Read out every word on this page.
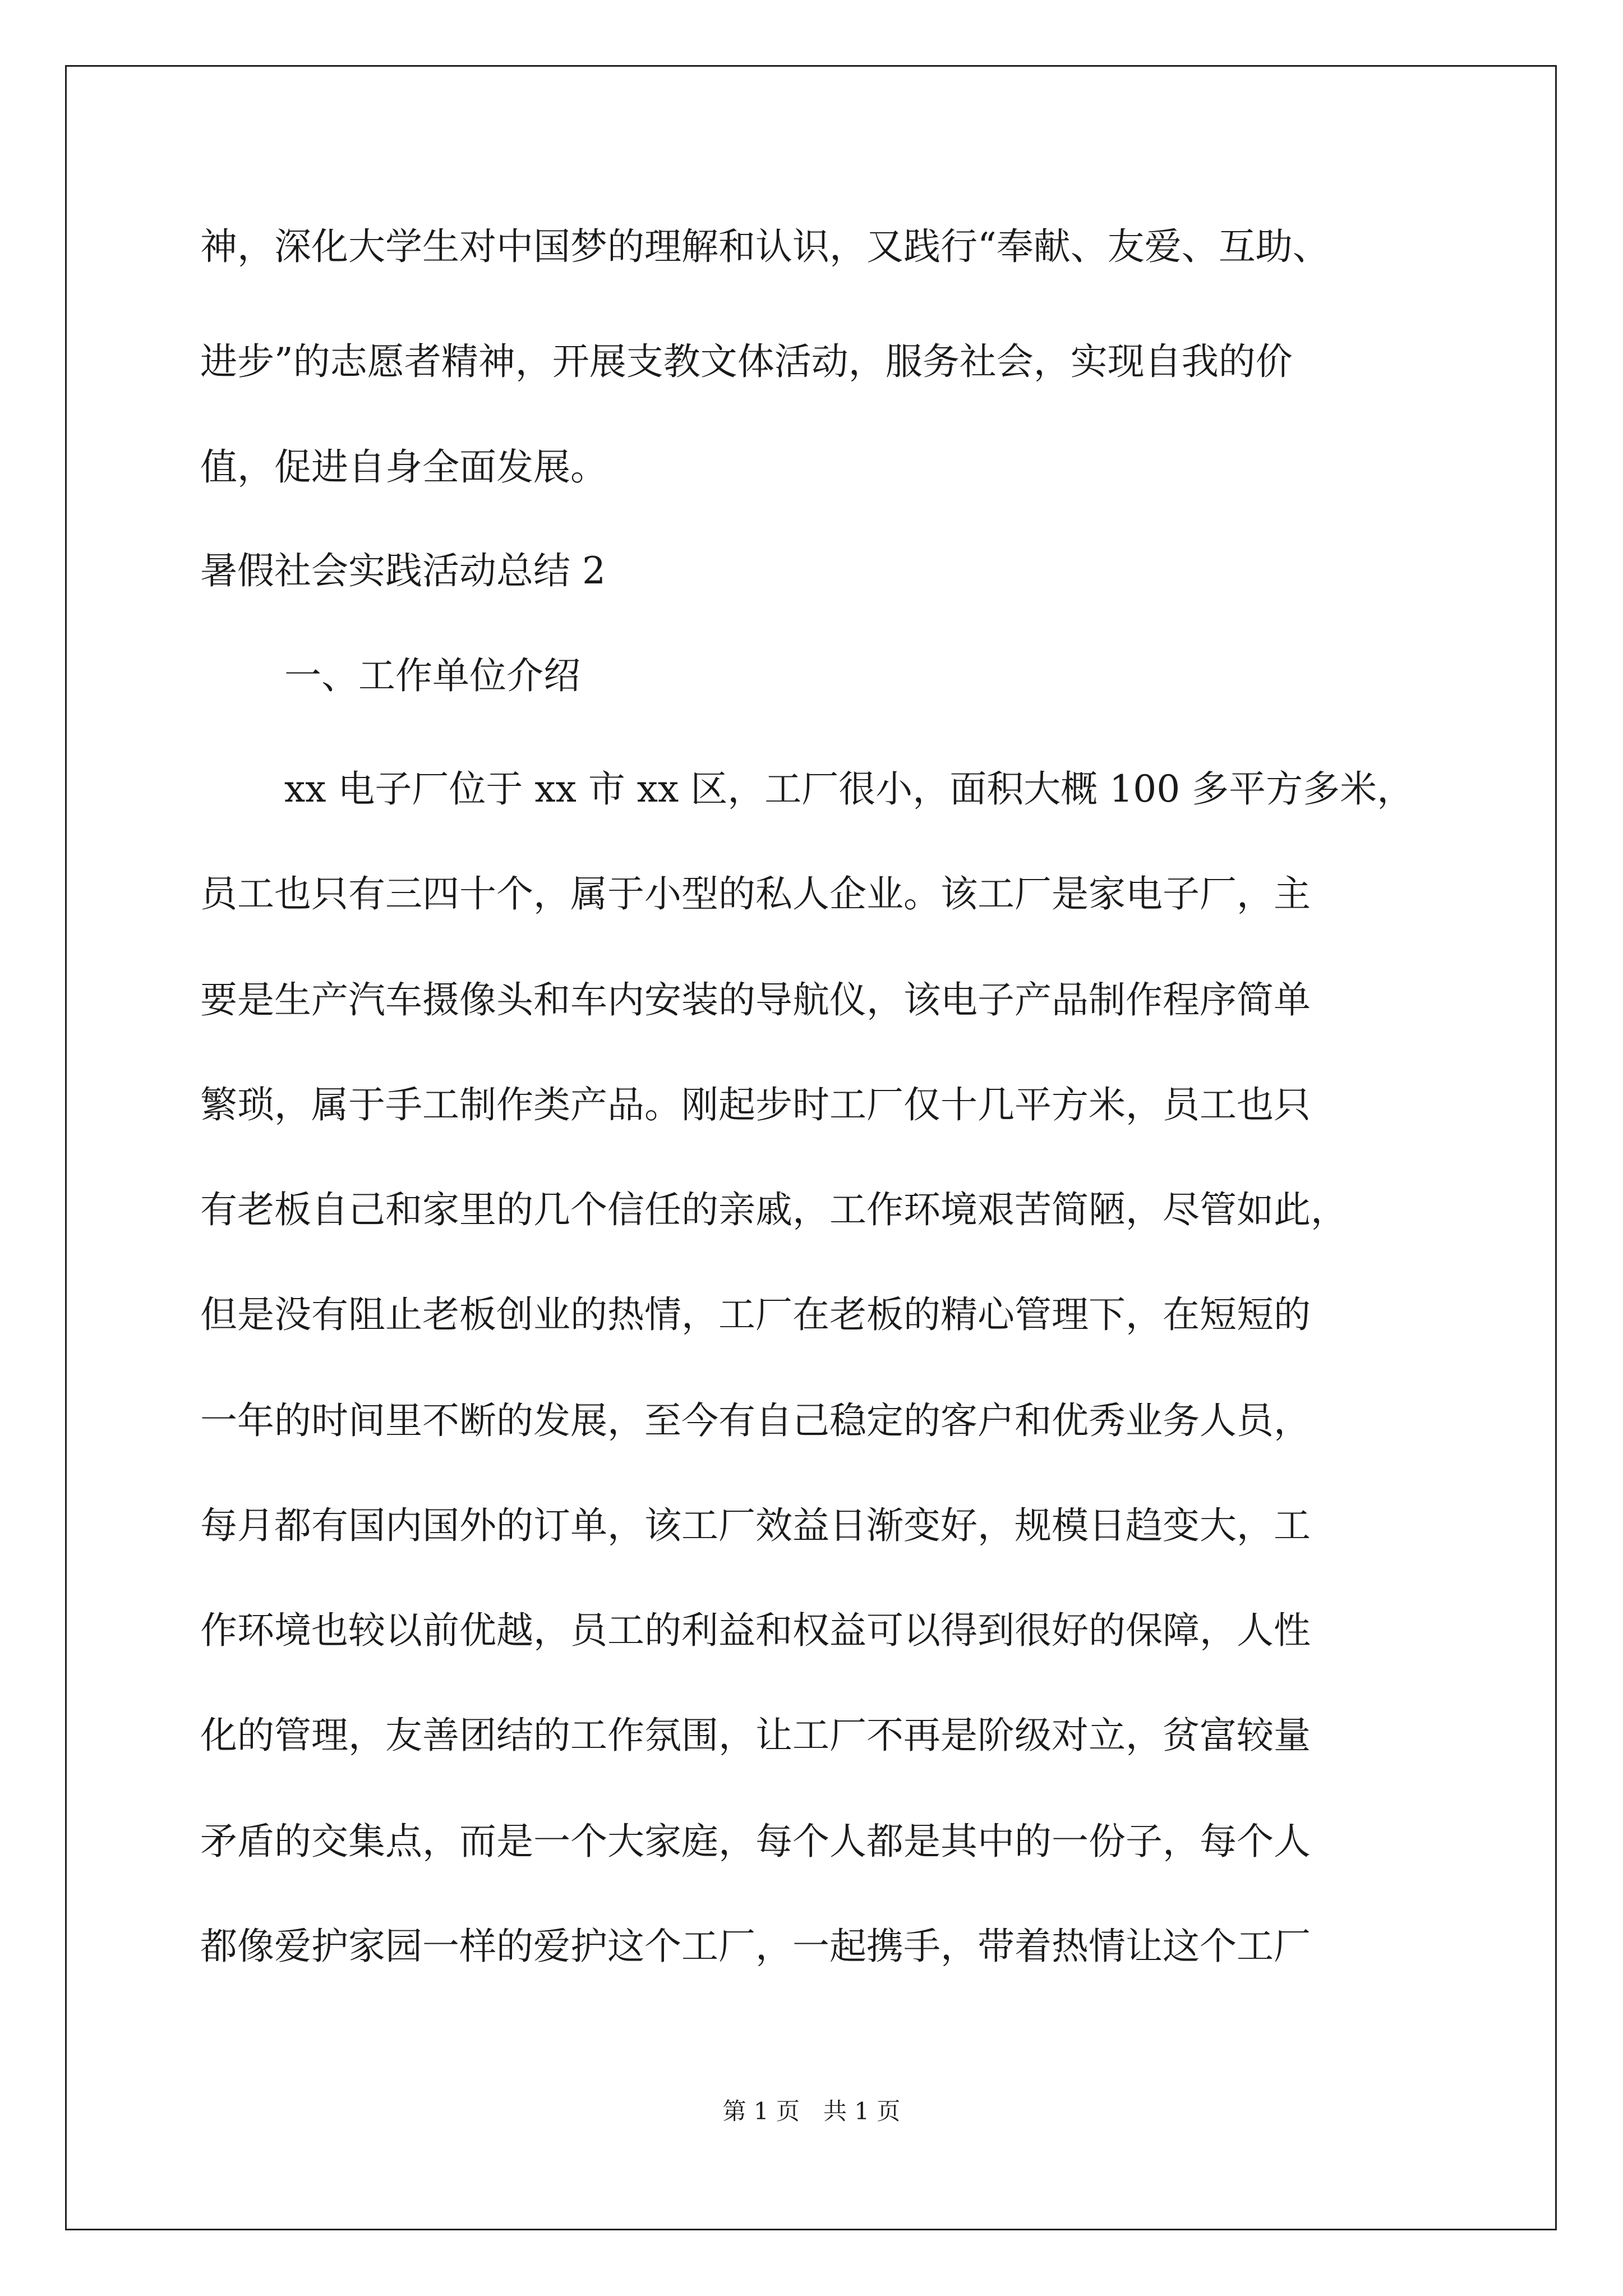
神，深化大学生对中国梦的理解和认识，又践行“奉献、友爱、互助、
进步”的志愿者精神，开展支教文体活动，服务社会，实现自我的价
值，促进自身全面发展。
暑假社会实践活动总结 2
一、工作单位介绍
xx 电子厂位于 xx 市 xx 区，工厂很小，面积大概 100 多平方多米，
员工也只有三四十个，属于小型的私人企业。该工厂是家电子厂，主
要是生产汽车摄像头和车内安装的导航仪，该电子产品制作程序简单
繁琐，属于手工制作类产品。刚起步时工厂仅十几平方米，员工也只
有老板自己和家里的几个信任的亲戚，工作环境艰苦简陋，尽管如此，
但是没有阻止老板创业的热情，工厂在老板的精心管理下，在短短的
一年的时间里不断的发展，至今有自己稳定的客户和优秀业务人员，
每月都有国内国外的订单，该工厂效益日渐变好，规模日趋变大，工
作环境也较以前优越，员工的利益和权益可以得到很好的保障，人性
化的管理，友善团结的工作氛围，让工厂不再是阶级对立，贫富较量
矛盾的交集点，而是一个大家庭，每个人都是其中的一份子，每个人
都像爱护家园一样的爱护这个工厂，一起携手，带着热情让这个工厂
第 1 页　共 1 页
